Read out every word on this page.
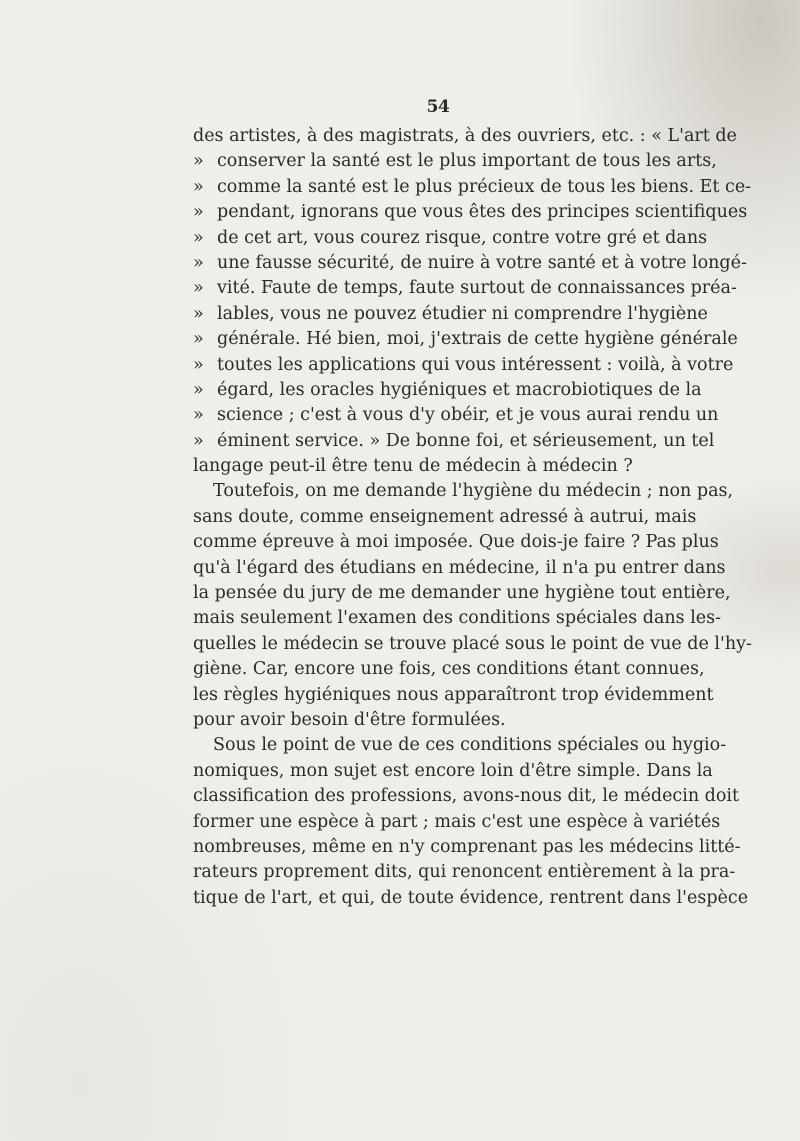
54
des artistes, à des magistrats, à des ouvriers, etc. : « L'art de
» conserver la santé est le plus important de tous les arts,
» comme la santé est le plus précieux de tous les biens. Et ce-
» pendant, ignorans que vous êtes des principes scientifiques
» de cet art, vous courez risque, contre votre gré et dans
» une fausse sécurité, de nuire à votre santé et à votre longé-
» vité. Faute de temps, faute surtout de connaissances préa-
» lables, vous ne pouvez étudier ni comprendre l'hygiène
» générale. Hé bien, moi, j'extrais de cette hygiène générale
» toutes les applications qui vous intéressent : voilà, à votre
» égard, les oracles hygiéniques et macrobiotiques de la
» science ; c'est à vous d'y obéir, et je vous aurai rendu un
» éminent service. » De bonne foi, et sérieusement, un tel
langage peut-il être tenu de médecin à médecin ?
Toutefois, on me demande l'hygiène du médecin ; non pas,
sans doute, comme enseignement adressé à autrui, mais
comme épreuve à moi imposée. Que dois-je faire ? Pas plus
qu'à l'égard des étudians en médecine, il n'a pu entrer dans
la pensée du jury de me demander une hygiène tout entière,
mais seulement l'examen des conditions spéciales dans les-
quelles le médecin se trouve placé sous le point de vue de l'hy-
giène. Car, encore une fois, ces conditions étant connues,
les règles hygiéniques nous apparaîtront trop évidemment
pour avoir besoin d'être formulées.
Sous le point de vue de ces conditions spéciales ou hygio-
nomiques, mon sujet est encore loin d'être simple. Dans la
classification des professions, avons-nous dit, le médecin doit
former une espèce à part ; mais c'est une espèce à variétés
nombreuses, même en n'y comprenant pas les médecins litté-
rateurs proprement dits, qui renoncent entièrement à la pra-
tique de l'art, et qui, de toute évidence, rentrent dans l'espèce
